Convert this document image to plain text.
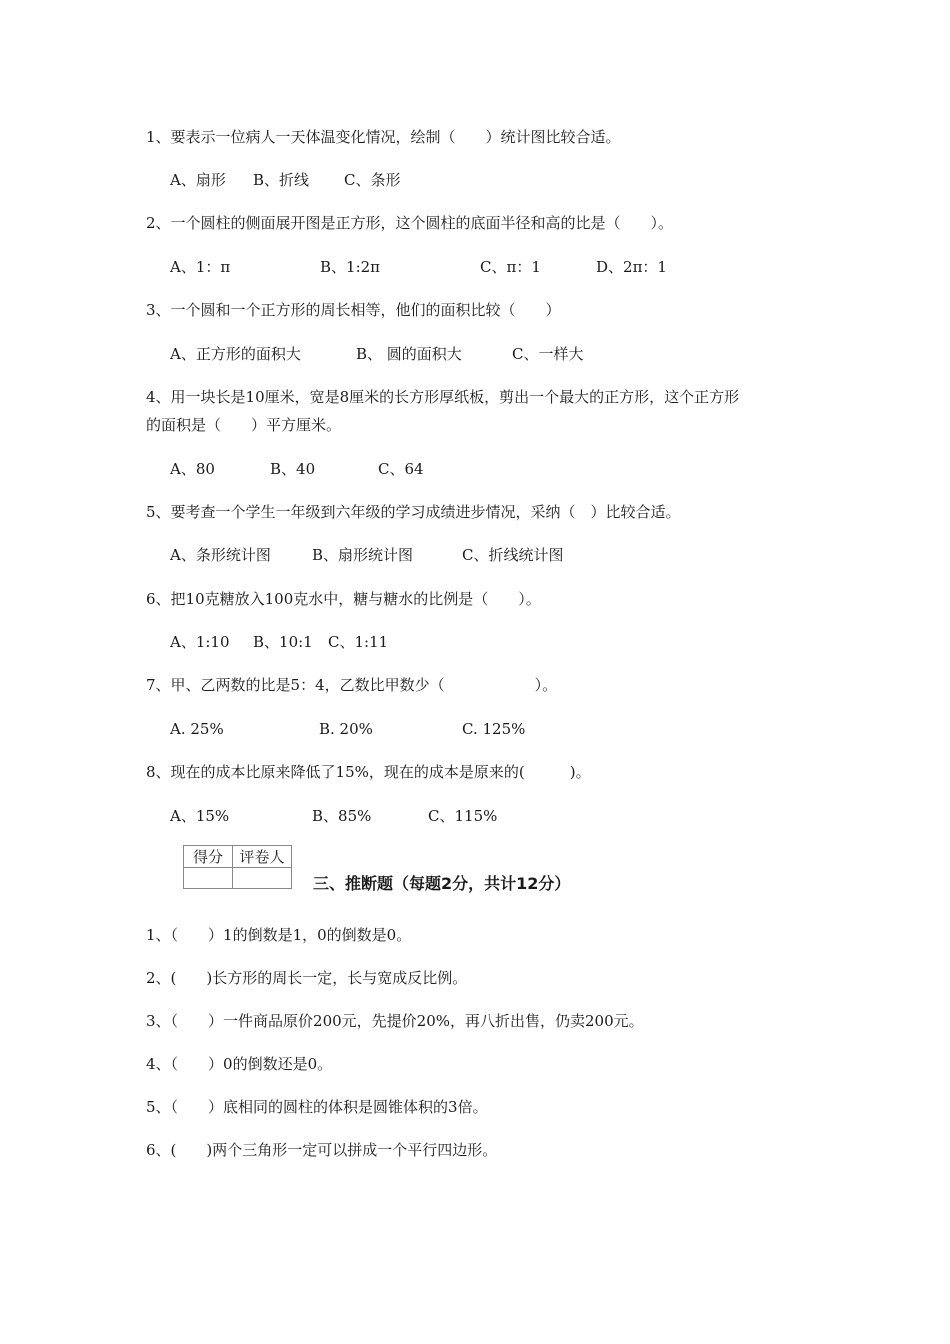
1、要表示一位病人一天体温变化情况，绘制（　　）统计图比较合适。
A、扇形 B、折线 C、条形
2、一个圆柱的侧面展开图是正方形，这个圆柱的底面半径和高的比是（　　）。
A、1：π	B、1:2π	C、π：1	D、2π：1
3、一个圆和一个正方形的周长相等，他们的面积比较（　　）
A、正方形的面积大	B、 圆的面积大	C、一样大
4、用一块长是10厘米，宽是8厘米的长方形厚纸板，剪出一个最大的正方形，这个正方形
的面积是（　　）平方厘米。
A、80	B、40	C、64
5、要考查一个学生一年级到六年级的学习成绩进步情况，采纳（　）比较合适。
A、条形统计图	B、扇形统计图	C、折线统计图
6、把10克糖放入100克水中，糖与糖水的比例是（　　）。
A、1:10 B、10:1 C、1:11
7、甲、乙两数的比是5：4，乙数比甲数少（　　　　　　）。
A. 25%	B. 20%	C. 125%
8、现在的成本比原来降低了15%，现在的成本是原来的(　　　)。
A、15%	B、85%	C、115%
得分	评卷人

三、推断题（每题2分，共计12分）
1、（　　）1的倒数是1，0的倒数是0。
2、(　　)长方形的周长一定，长与宽成反比例。
3、（　　）一件商品原价200元，先提价20%，再八折出售，仍卖200元。
4、（　　）0的倒数还是0。
5、（　　）底相同的圆柱的体积是圆锥体积的3倍。
6、(　　)两个三角形一定可以拼成一个平行四边形。
